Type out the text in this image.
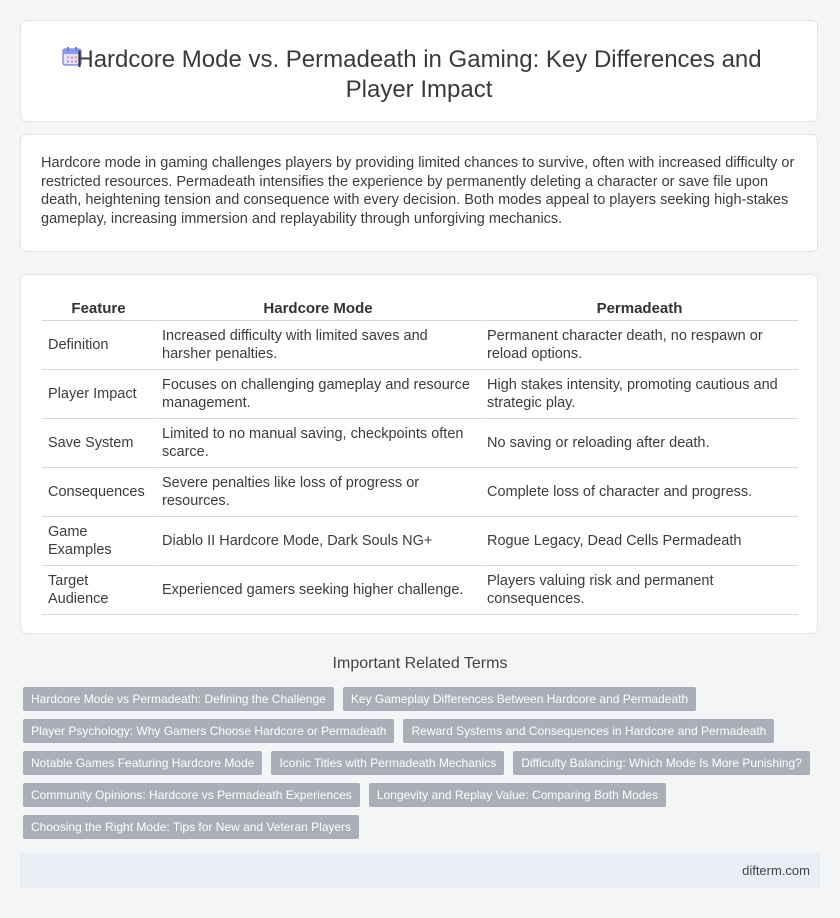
Hardcore Mode vs. Permadeath in Gaming: Key Differences and Player Impact

Hardcore mode in gaming challenges players by providing limited chances to survive, often with increased difficulty or restricted resources. Permadeath intensifies the experience by permanently deleting a character or save file upon death, heightening tension and consequence with every decision. Both modes appeal to players seeking high-stakes gameplay, increasing immersion and replayability through unforgiving mechanics.

Feature	Hardcore Mode	Permadeath
Definition	Increased difficulty with limited saves and harsher penalties.	Permanent character death, no respawn or reload options.
Player Impact	Focuses on challenging gameplay and resource management.	High stakes intensity, promoting cautious and strategic play.
Save System	Limited to no manual saving, checkpoints often scarce.	No saving or reloading after death.
Consequences	Severe penalties like loss of progress or resources.	Complete loss of character and progress.
Game Examples	Diablo II Hardcore Mode, Dark Souls NG+	Rogue Legacy, Dead Cells Permadeath
Target Audience	Experienced gamers seeking higher challenge.	Players valuing risk and permanent consequences.
Important Related Terms
Hardcore Mode vs Permadeath: Defining the Challenge	Key Gameplay Differences Between Hardcore and Permadeath
Player Psychology: Why Gamers Choose Hardcore or Permadeath	Reward Systems and Consequences in Hardcore and Permadeath
Notable Games Featuring Hardcore Mode	Iconic Titles with Permadeath Mechanics	Difficulty Balancing: Which Mode Is More Punishing?
Community Opinions: Hardcore vs Permadeath Experiences	Longevity and Replay Value: Comparing Both Modes
Choosing the Right Mode: Tips for New and Veteran Players
difterm.com
